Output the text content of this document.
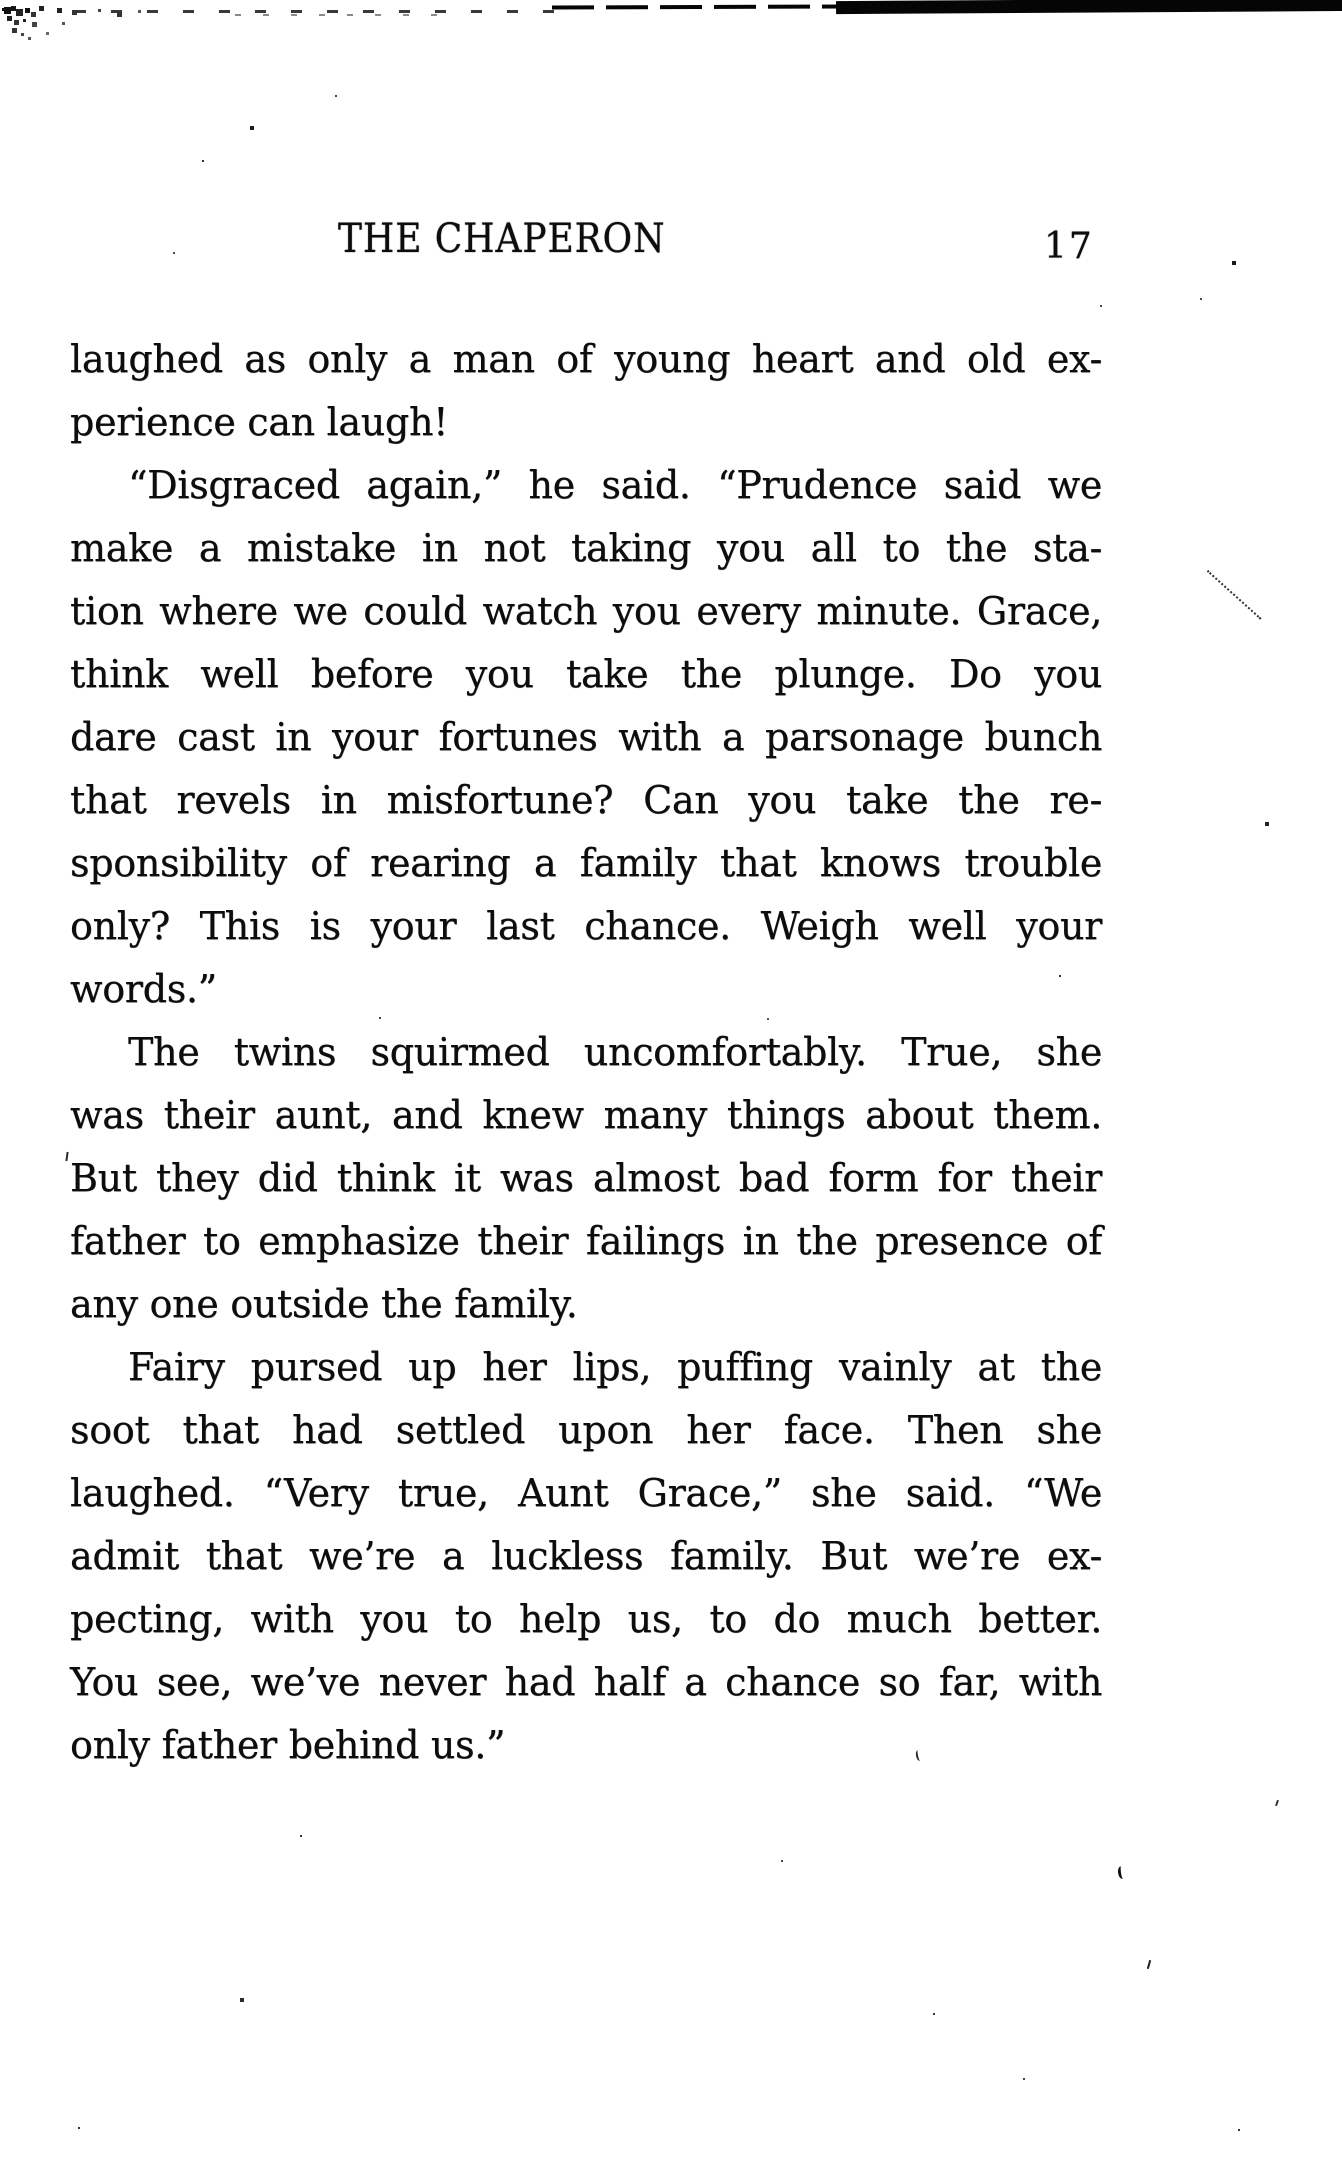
THE CHAPERON	17
laughed as only a man of young heart and old ex-
perience can laugh!
“Disgraced again,” he said. “Prudence said we
make a mistake in not taking you all to the sta-
tion where we could watch you every minute. Grace,
think well before you take the plunge. Do you
dare cast in your fortunes with a parsonage bunch
that revels in misfortune? Can you take the re-
sponsibility of rearing a family that knows trouble
only? This is your last chance. Weigh well your
words.”
The twins squirmed uncomfortably. True, she
was their aunt, and knew many things about them.
But they did think it was almost bad form for their
father to emphasize their failings in the presence of
any one outside the family.
Fairy pursed up her lips, puffing vainly at the
soot that had settled upon her face. Then she
laughed. “Very true, Aunt Grace,” she said. “We
admit that we’re a luckless family. But we’re ex-
pecting, with you to help us, to do much better.
You see, we’ve never had half a chance so far, with
only father behind us.”
